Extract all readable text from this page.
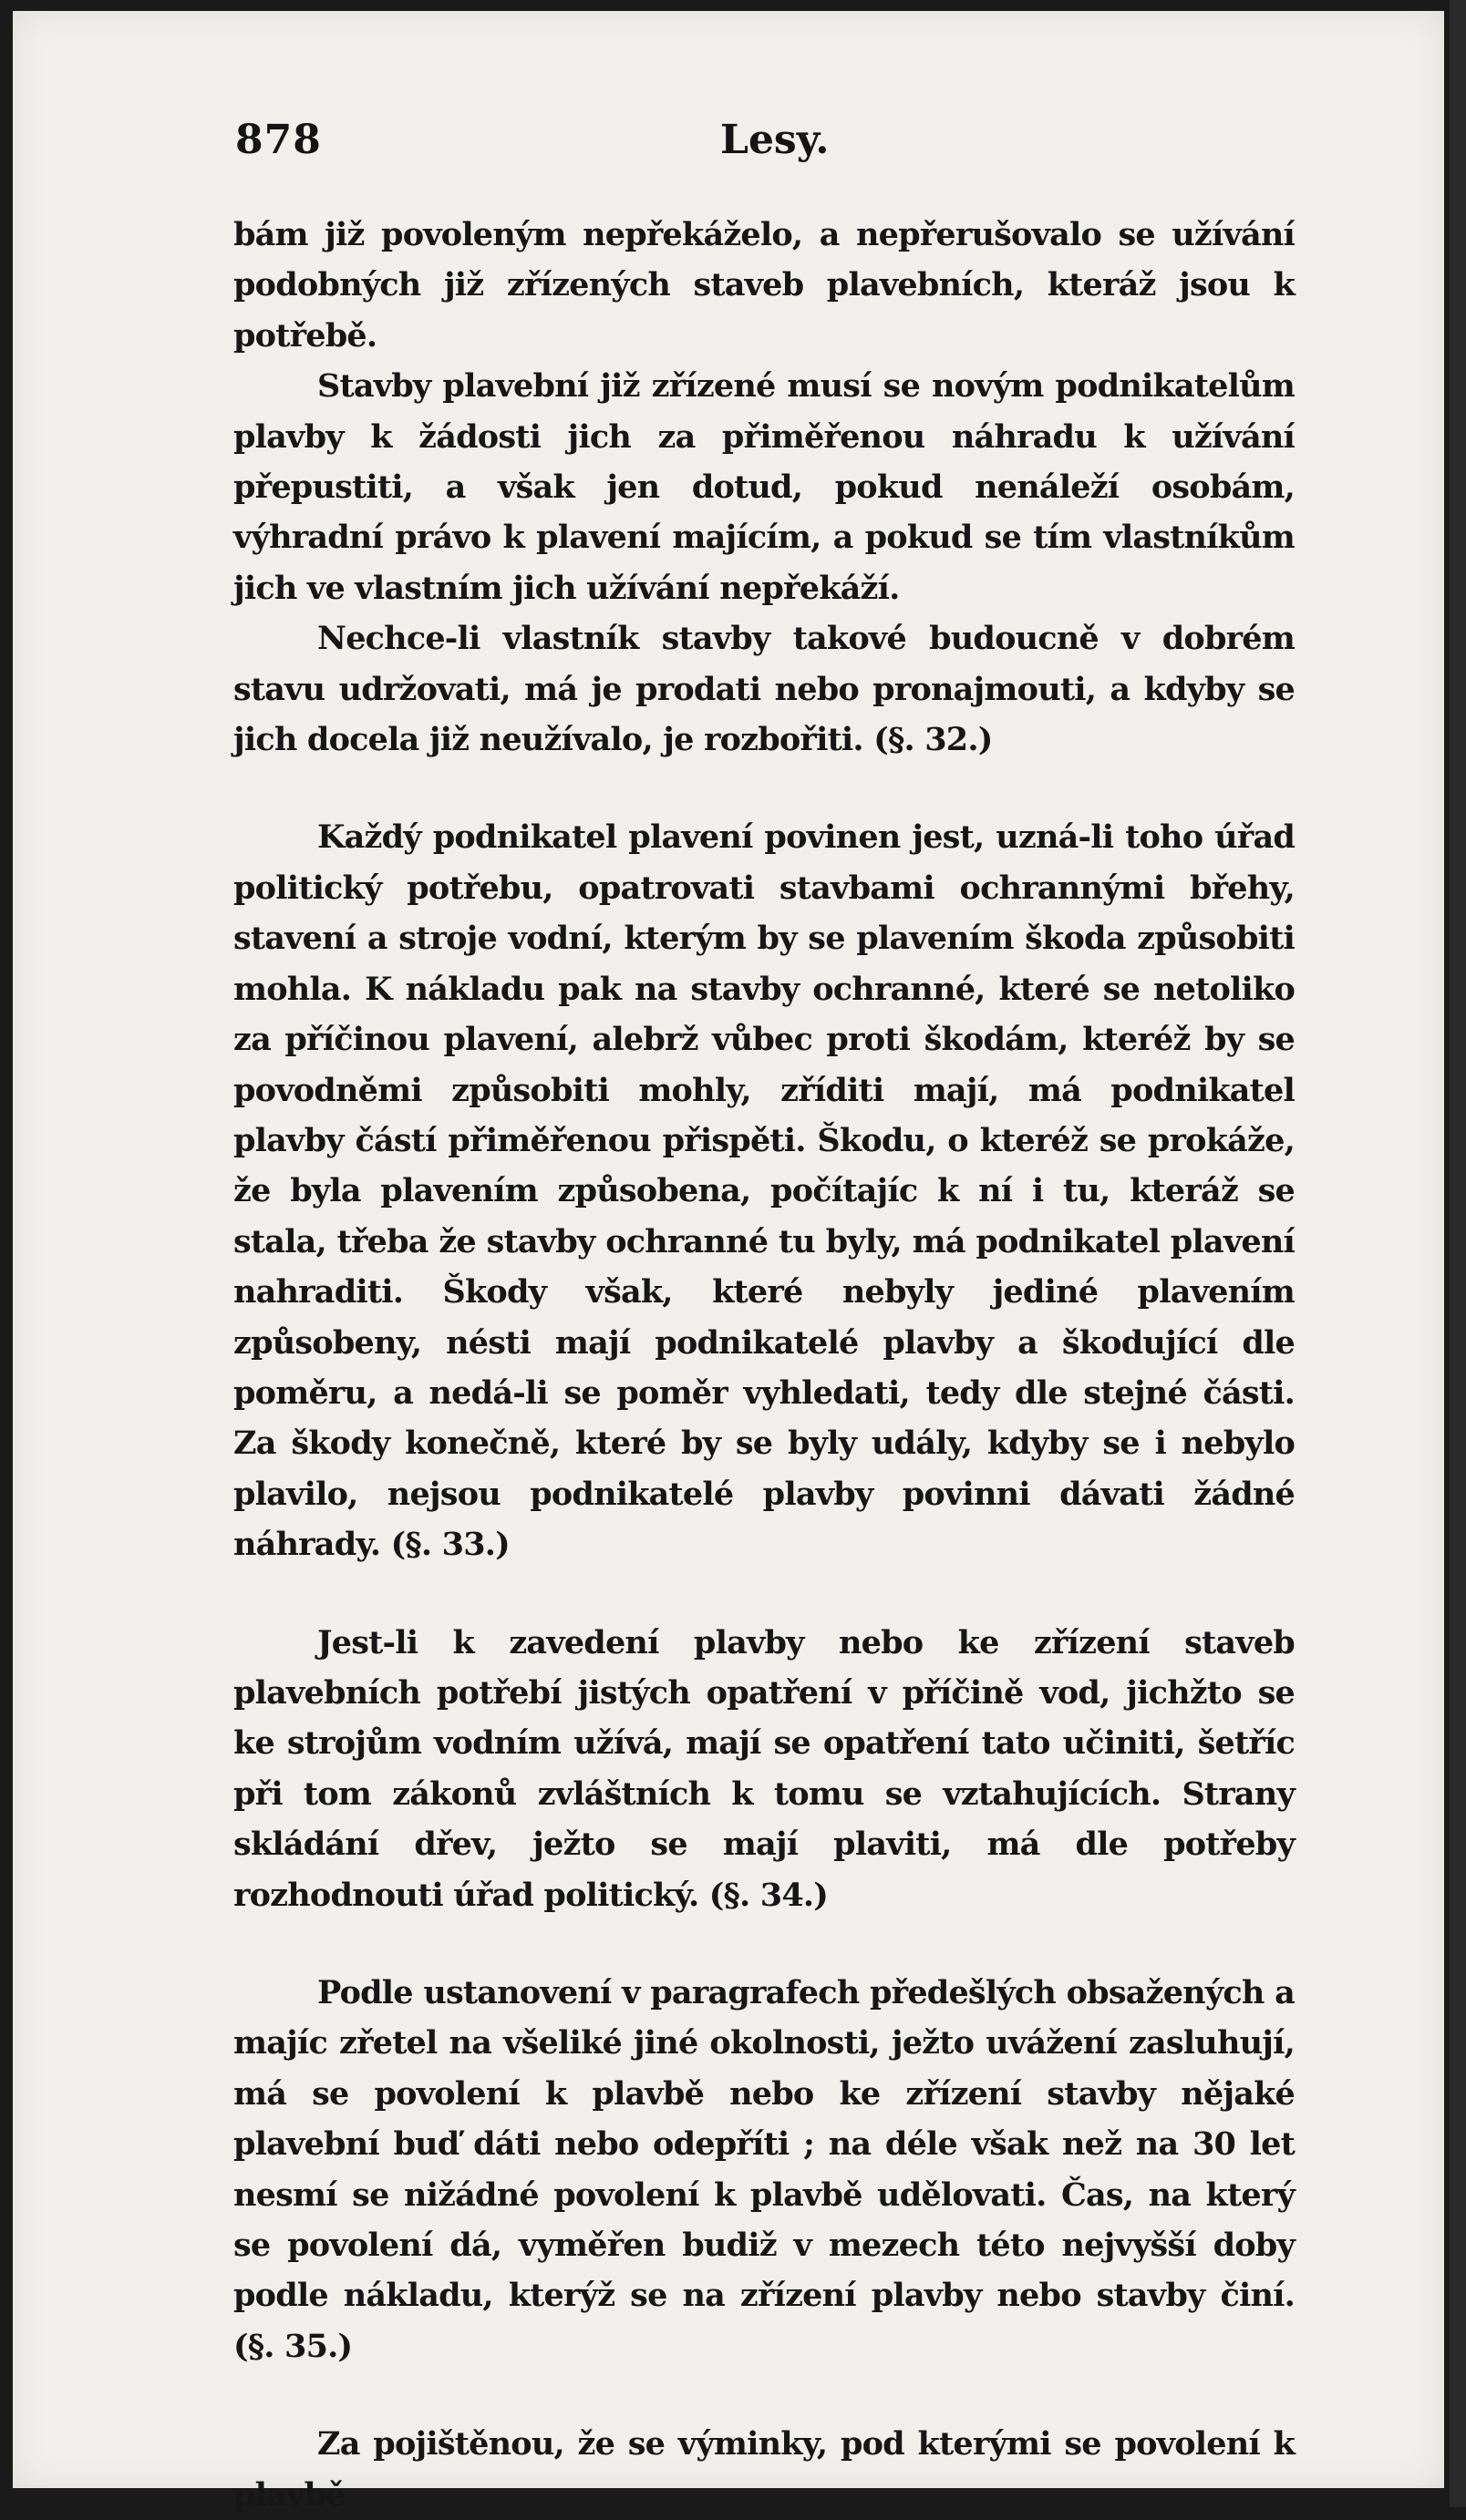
878	Lesy.

bám již povoleným nepřekáželo, a nepřerušovalo se užívání podobných již zřízených staveb plavebních, kteráž jsou k potřebě.

Stavby plavební již zřízené musí se novým podnikatelům plavby k žádosti jich za přiměřenou náhradu k užívání přepustiti, a však jen dotud, pokud nenáleží osobám, výhradní právo k plavení majícím, a pokud se tím vlastníkům jich ve vlastním jich užívání nepřekáží.

Nechce-li vlastník stavby takové budoucně v dobrém stavu udržovati, má je prodati nebo pronajmouti, a kdyby se jich docela již neužívalo, je rozbořiti. (§. 32.)

Každý podnikatel plavení povinen jest, uzná-li toho úřad politický potřebu, opatrovati stavbami ochrannými břehy, stavení a stroje vodní, kterým by se plavením škoda způsobiti mohla. K nákladu pak na stavby ochranné, které se netoliko za příčinou plavení, alebrž vůbec proti škodám, kteréž by se povodněmi způsobiti mohly, zříditi mají, má podnikatel plavby částí přiměřenou přispěti. Škodu, o kteréž se prokáže, že byla plavením způsobena, počítajíc k ní i tu, kteráž se stala, třeba že stavby ochranné tu byly, má podnikatel plavení nahraditi. Škody však, které nebyly jediné plavením způsobeny, nésti mají podnikatelé plavby a škodující dle poměru, a nedá-li se poměr vyhledati, tedy dle stejné části. Za škody konečně, které by se byly udály, kdyby se i nebylo plavilo, nejsou podnikatelé plavby povinni dávati žádné náhrady. (§. 33.)

Jest-li k zavedení plavby nebo ke zřízení staveb plavebních potřebí jistých opatření v příčině vod, jichžto se ke strojům vodním užívá, mají se opatření tato učiniti, šetříc při tom zákonů zvláštních k tomu se vztahujících. Strany skládání dřev, ježto se mají plaviti, má dle potřeby rozhodnouti úřad politický. (§. 34.)

Podle ustanovení v paragrafech předešlých obsažených a majíc zřetel na všeliké jiné okolnosti, ježto uvážení zasluhují, má se povolení k plavbě nebo ke zřízení stavby nějaké plavební buď dáti nebo odepříti ; na déle však než na 30 let nesmí se nižádné povolení k plavbě udělovati. Čas, na který se povolení dá, vyměřen budiž v mezech této nejvyšší doby podle nákladu, kterýž se na zřízení plavby nebo stavby činí. (§. 35.)

Za pojištěnou, že se výminky, pod kterými se povolení k plavbě
